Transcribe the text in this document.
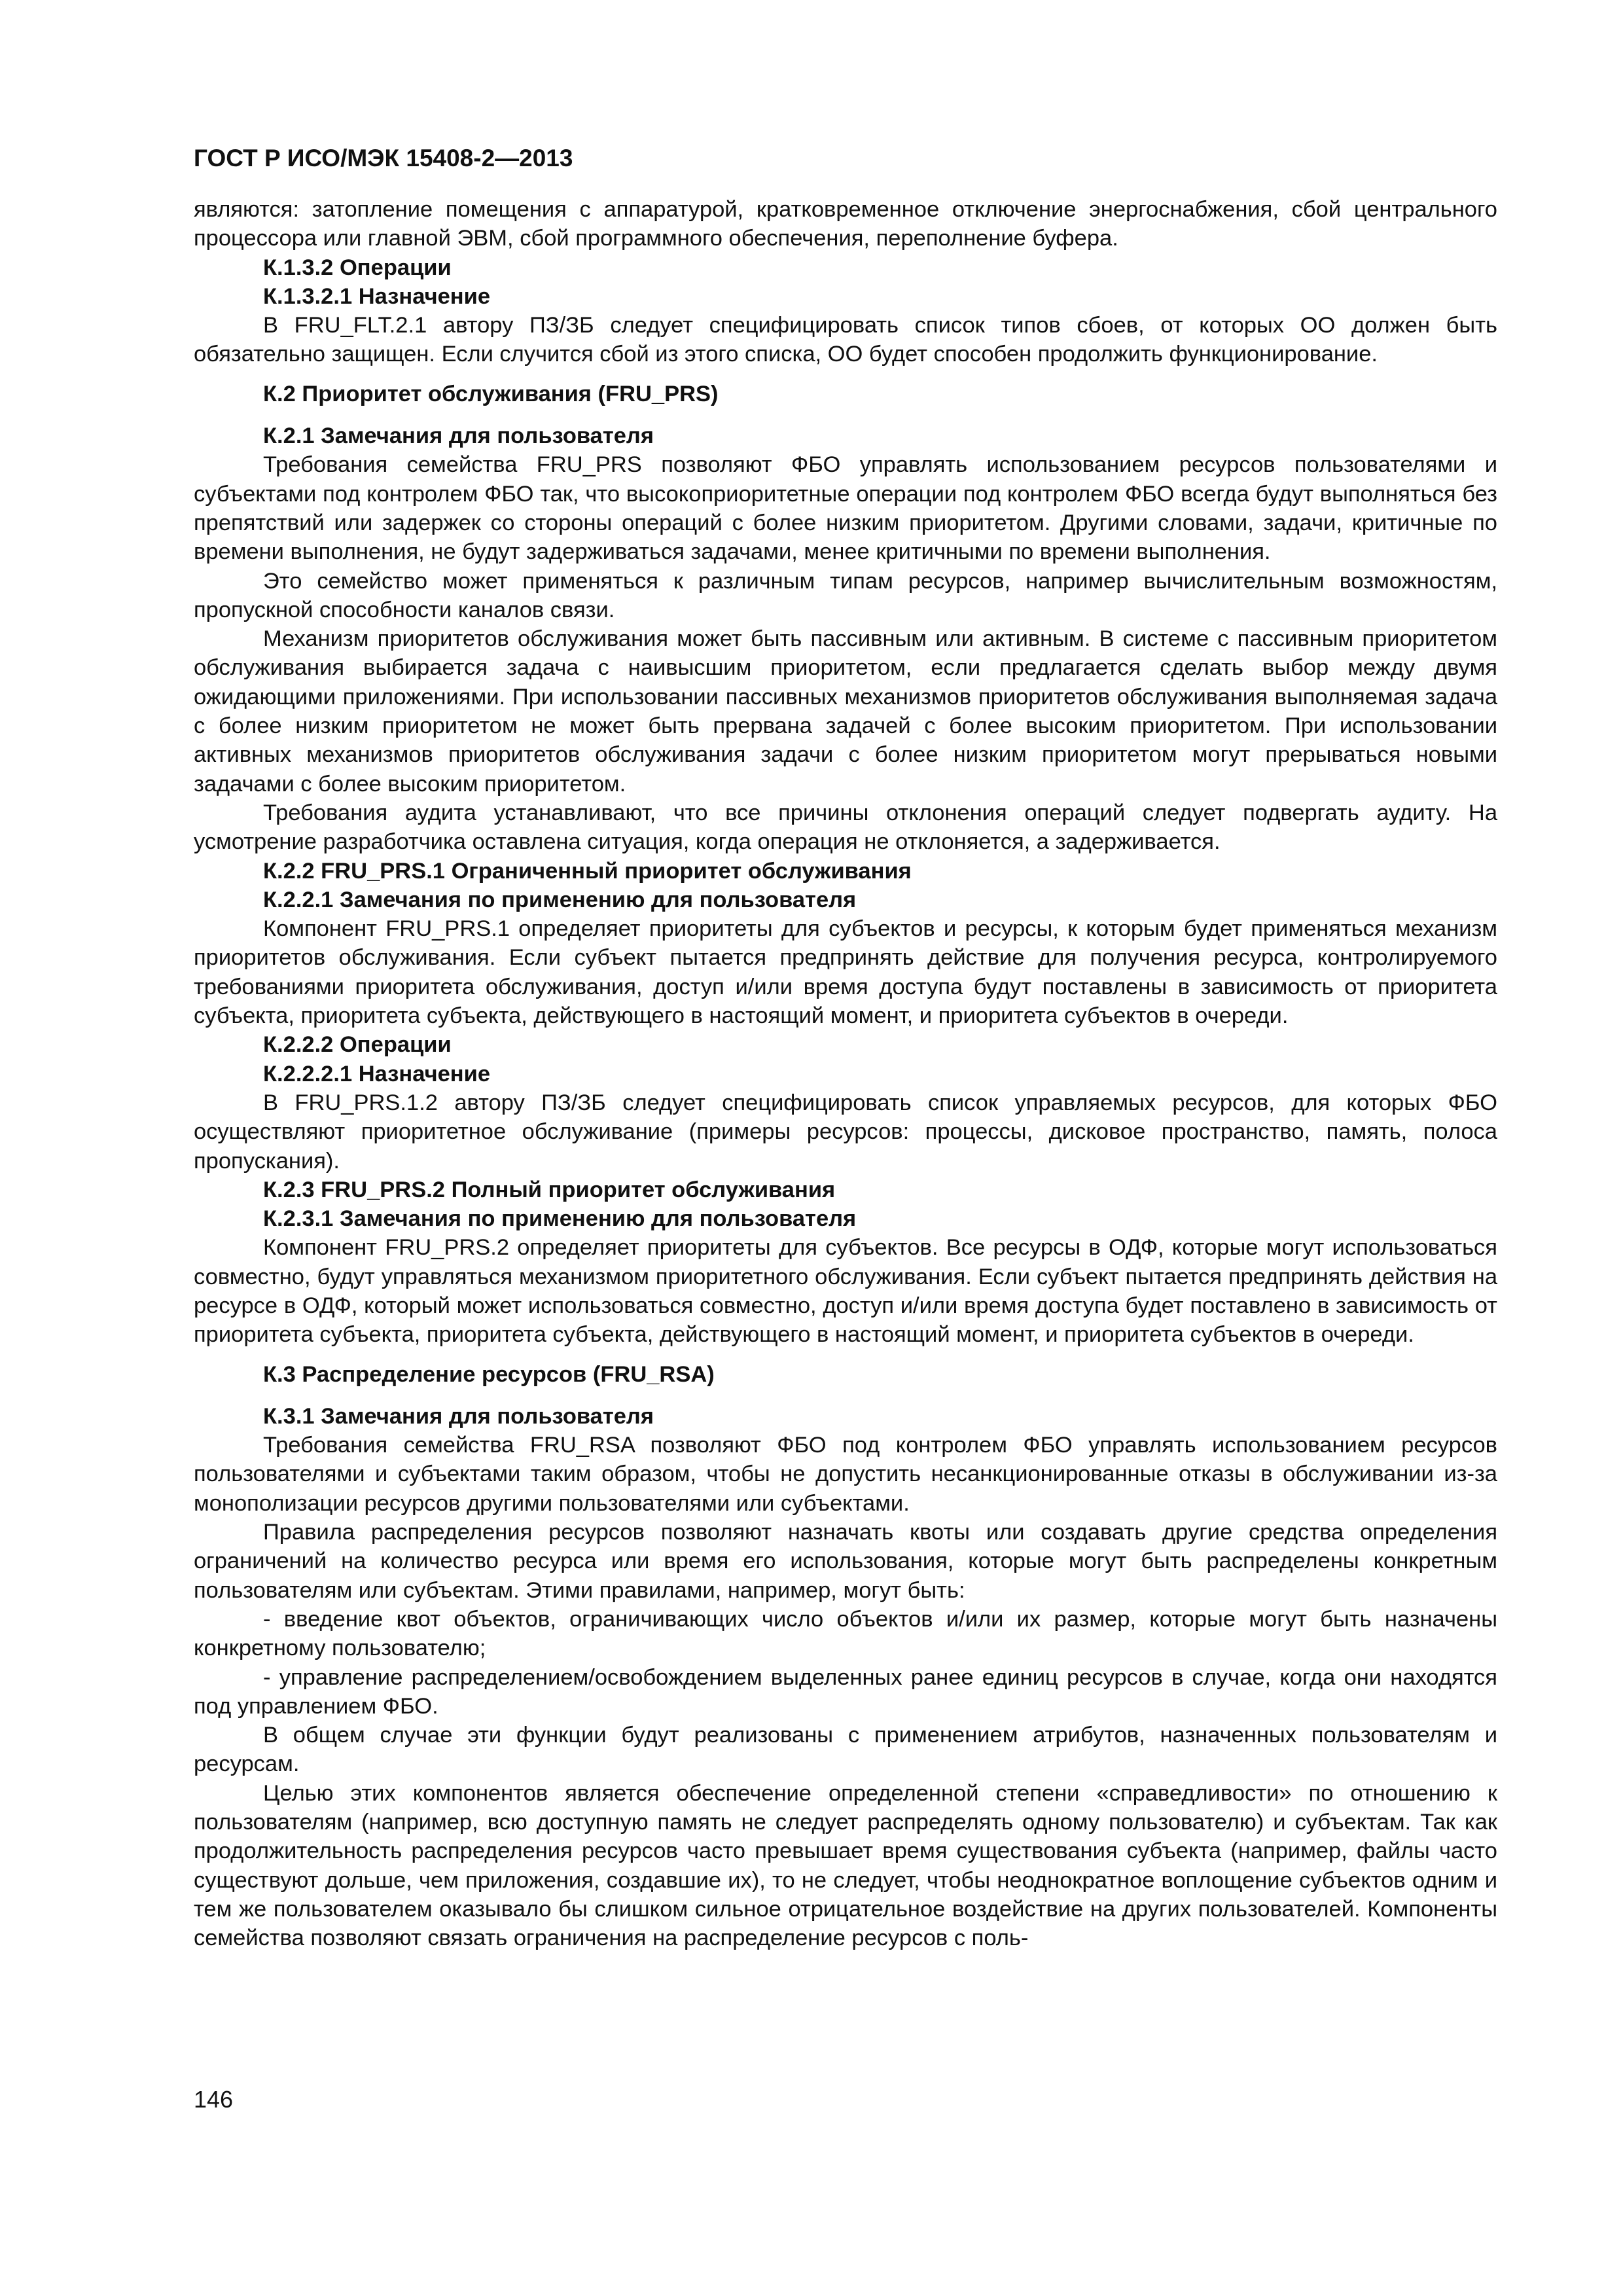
ГОСТ Р ИСО/МЭК 15408-2—2013

являются: затопление помещения с аппаратурой, кратковременное отключение энергоснабжения, сбой центрального процессора или главной ЭВМ, сбой программного обеспечения, переполнение буфера.

К.1.3.2 Операции

К.1.3.2.1 Назначение

В FRU_FLT.2.1 автору ПЗ/ЗБ следует специфицировать список типов сбоев, от которых ОО должен быть обязательно защищен. Если случится сбой из этого списка, ОО будет способен продолжить функционирование.

К.2 Приоритет обслуживания (FRU_PRS)

К.2.1 Замечания для пользователя

Требования семейства FRU_PRS позволяют ФБО управлять использованием ресурсов пользователями и субъектами под контролем ФБО так, что высокоприоритетные операции под контролем ФБО всегда будут выполняться без препятствий или задержек со стороны операций с более низким приоритетом. Другими словами, задачи, критичные по времени выполнения, не будут задерживаться задачами, менее критичными по времени выполнения.

Это семейство может применяться к различным типам ресурсов, например вычислительным возможностям, пропускной способности каналов связи.

Механизм приоритетов обслуживания может быть пассивным или активным. В системе с пассивным приоритетом обслуживания выбирается задача с наивысшим приоритетом, если предлагается сделать выбор между двумя ожидающими приложениями. При использовании пассивных механизмов приоритетов обслуживания выполняемая задача с более низким приоритетом не может быть прервана задачей с более высоким приоритетом. При использовании активных механизмов приоритетов обслуживания задачи с более низким приоритетом могут прерываться новыми задачами с более высоким приоритетом.

Требования аудита устанавливают, что все причины отклонения операций следует подвергать аудиту. На усмотрение разработчика оставлена ситуация, когда операция не отклоняется, а задерживается.

К.2.2 FRU_PRS.1 Ограниченный приоритет обслуживания

К.2.2.1 Замечания по применению для пользователя

Компонент FRU_PRS.1 определяет приоритеты для субъектов и ресурсы, к которым будет применяться механизм приоритетов обслуживания. Если субъект пытается предпринять действие для получения ресурса, контролируемого требованиями приоритета обслуживания, доступ и/или время доступа будут поставлены в зависимость от приоритета субъекта, приоритета субъекта, действующего в настоящий момент, и приоритета субъектов в очереди.

К.2.2.2 Операции

К.2.2.2.1 Назначение

В FRU_PRS.1.2 автору ПЗ/ЗБ следует специфицировать список управляемых ресурсов, для которых ФБО осуществляют приоритетное обслуживание (примеры ресурсов: процессы, дисковое пространство, память, полоса пропускания).

К.2.3 FRU_PRS.2 Полный приоритет обслуживания

К.2.3.1 Замечания по применению для пользователя

Компонент FRU_PRS.2 определяет приоритеты для субъектов. Все ресурсы в ОДФ, которые могут использоваться совместно, будут управляться механизмом приоритетного обслуживания. Если субъект пытается предпринять действия на ресурсе в ОДФ, который может использоваться совместно, доступ и/или время доступа будет поставлено в зависимость от приоритета субъекта, приоритета субъекта, действующего в настоящий момент, и приоритета субъектов в очереди.

К.3 Распределение ресурсов (FRU_RSA)

К.3.1 Замечания для пользователя

Требования семейства FRU_RSA позволяют ФБО под контролем ФБО управлять использованием ресурсов пользователями и субъектами таким образом, чтобы не допустить несанкционированные отказы в обслуживании из-за монополизации ресурсов другими пользователями или субъектами.

Правила распределения ресурсов позволяют назначать квоты или создавать другие средства определения ограничений на количество ресурса или время его использования, которые могут быть распределены конкретным пользователям или субъектам. Этими правилами, например, могут быть:

- введение квот объектов, ограничивающих число объектов и/или их размер, которые могут быть назначены конкретному пользователю;

- управление распределением/освобождением выделенных ранее единиц ресурсов в случае, когда они находятся под управлением ФБО.

В общем случае эти функции будут реализованы с применением атрибутов, назначенных пользователям и ресурсам.

Целью этих компонентов является обеспечение определенной степени «справедливости» по отношению к пользователям (например, всю доступную память не следует распределять одному пользователю) и субъектам. Так как продолжительность распределения ресурсов часто превышает время существования субъекта (например, файлы часто существуют дольше, чем приложения, создавшие их), то не следует, чтобы неоднократное воплощение субъектов одним и тем же пользователем оказывало бы слишком сильное отрицательное воздействие на других пользователей. Компоненты семейства позволяют связать ограничения на распределение ресурсов с поль-

146
